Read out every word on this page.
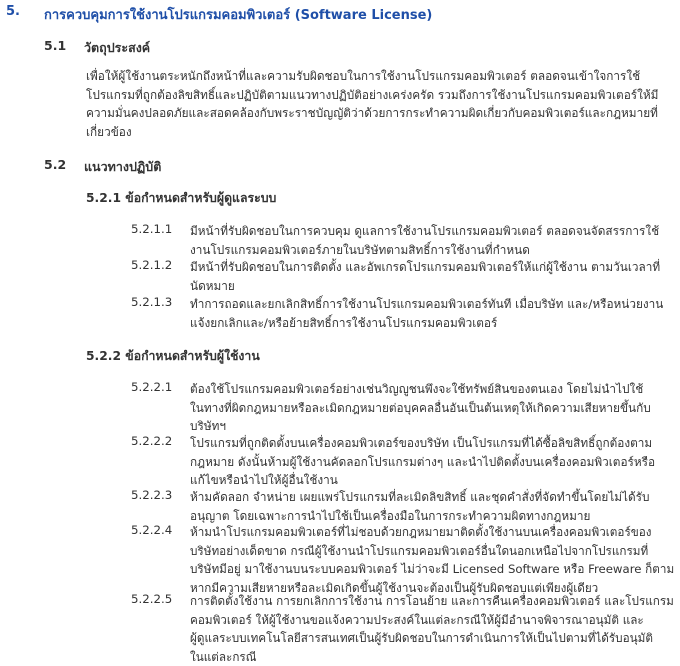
5. การควบคุมการใช้งานโปรแกรมคอมพิวเตอร์ (Software License)
5.1 วัตถุประสงค์
เพื่อให้ผู้ใช้งานตระหนักถึงหน้าที่และความรับผิดชอบในการใช้งานโปรแกรมคอมพิวเตอร์ ตลอดจนเข้าใจการใช้
โปรแกรมที่ถูกต้องลิขสิทธิ์และปฏิบัติตามแนวทางปฏิบัติอย่างเคร่งครัด รวมถึงการใช้งานโปรแกรมคอมพิวเตอร์ให้มี
ความมั่นคงปลอดภัยและสอดคล้องกับพระราชบัญญัติว่าด้วยการกระทำความผิดเกี่ยวกับคอมพิวเตอร์และกฎหมายที่
เกี่ยวข้อง
5.2 แนวทางปฏิบัติ
5.2.1 ข้อกำหนดสำหรับผู้ดูแลระบบ
5.2.1.1 มีหน้าที่รับผิดชอบในการควบคุม ดูแลการใช้งานโปรแกรมคอมพิวเตอร์ ตลอดจนจัดสรรการใช้
งานโปรแกรมคอมพิวเตอร์ภายในบริษัทตามสิทธิ์การใช้งานที่กำหนด
5.2.1.2 มีหน้าที่รับผิดชอบในการติดตั้ง และอัพเกรดโปรแกรมคอมพิวเตอร์ให้แก่ผู้ใช้งาน ตามวันเวลาที่
นัดหมาย
5.2.1.3 ทำการถอดและยกเลิกสิทธิ์การใช้งานโปรแกรมคอมพิวเตอร์ทันที เมื่อบริษัท และ/หรือหน่วยงาน
แจ้งยกเลิกและ/หรือย้ายสิทธิ์การใช้งานโปรแกรมคอมพิวเตอร์
5.2.2 ข้อกำหนดสำหรับผู้ใช้งาน
5.2.2.1 ต้องใช้โปรแกรมคอมพิวเตอร์อย่างเช่นวิญญูชนพึงจะใช้ทรัพย์สินของตนเอง โดยไม่นำไปใช้
ในทางที่ผิดกฎหมายหรือละเมิดกฎหมายต่อบุคคลอื่นอันเป็นต้นเหตุให้เกิดความเสียหายขึ้นกับ
บริษัทฯ
5.2.2.2 โปรแกรมที่ถูกติดตั้งบนเครื่องคอมพิวเตอร์ของบริษัท เป็นโปรแกรมที่ได้ซื้อลิขสิทธิ์ถูกต้องตาม
กฎหมาย ดังนั้นห้ามผู้ใช้งานคัดลอกโปรแกรมต่างๆ และนำไปติดตั้งบนเครื่องคอมพิวเตอร์หรือ
แก้ไขหรือนำไปให้ผู้อื่นใช้งาน
5.2.2.3 ห้ามคัดลอก จำหน่าย เผยแพร่โปรแกรมที่ละเมิดลิขสิทธิ์ และชุดคำสั่งที่จัดทำขึ้นโดยไม่ได้รับ
อนุญาต โดยเฉพาะการนำไปใช้เป็นเครื่องมือในการกระทำความผิดทางกฎหมาย
5.2.2.4 ห้ามนำโปรแกรมคอมพิวเตอร์ที่ไม่ชอบด้วยกฎหมายมาติดตั้งใช้งานบนเครื่องคอมพิวเตอร์ของ
บริษัทอย่างเด็ดขาด กรณีผู้ใช้งานนำโปรแกรมคอมพิวเตอร์อื่นใดนอกเหนือไปจากโปรแกรมที่
บริษัทมีอยู่ มาใช้งานบนระบบคอมพิวเตอร์ ไม่ว่าจะมี Licensed Software หรือ Freeware ก็ตาม
หากมีความเสียหายหรือละเมิดเกิดขึ้นผู้ใช้งานจะต้องเป็นผู้รับผิดชอบแต่เพียงผู้เดียว
5.2.2.5 การติดตั้งใช้งาน การยกเลิกการใช้งาน การโอนย้าย และการคืนเครื่องคอมพิวเตอร์ และโปรแกรม
คอมพิวเตอร์ ให้ผู้ใช้งานขอแจ้งความประสงค์ในแต่ละกรณีให้ผู้มีอำนาจพิจารณาอนุมัติ และ
ผู้ดูแลระบบเทคโนโลยีสารสนเทศเป็นผู้รับผิดชอบในการดำเนินการให้เป็นไปตามที่ได้รับอนุมัติ
ในแต่ละกรณี
